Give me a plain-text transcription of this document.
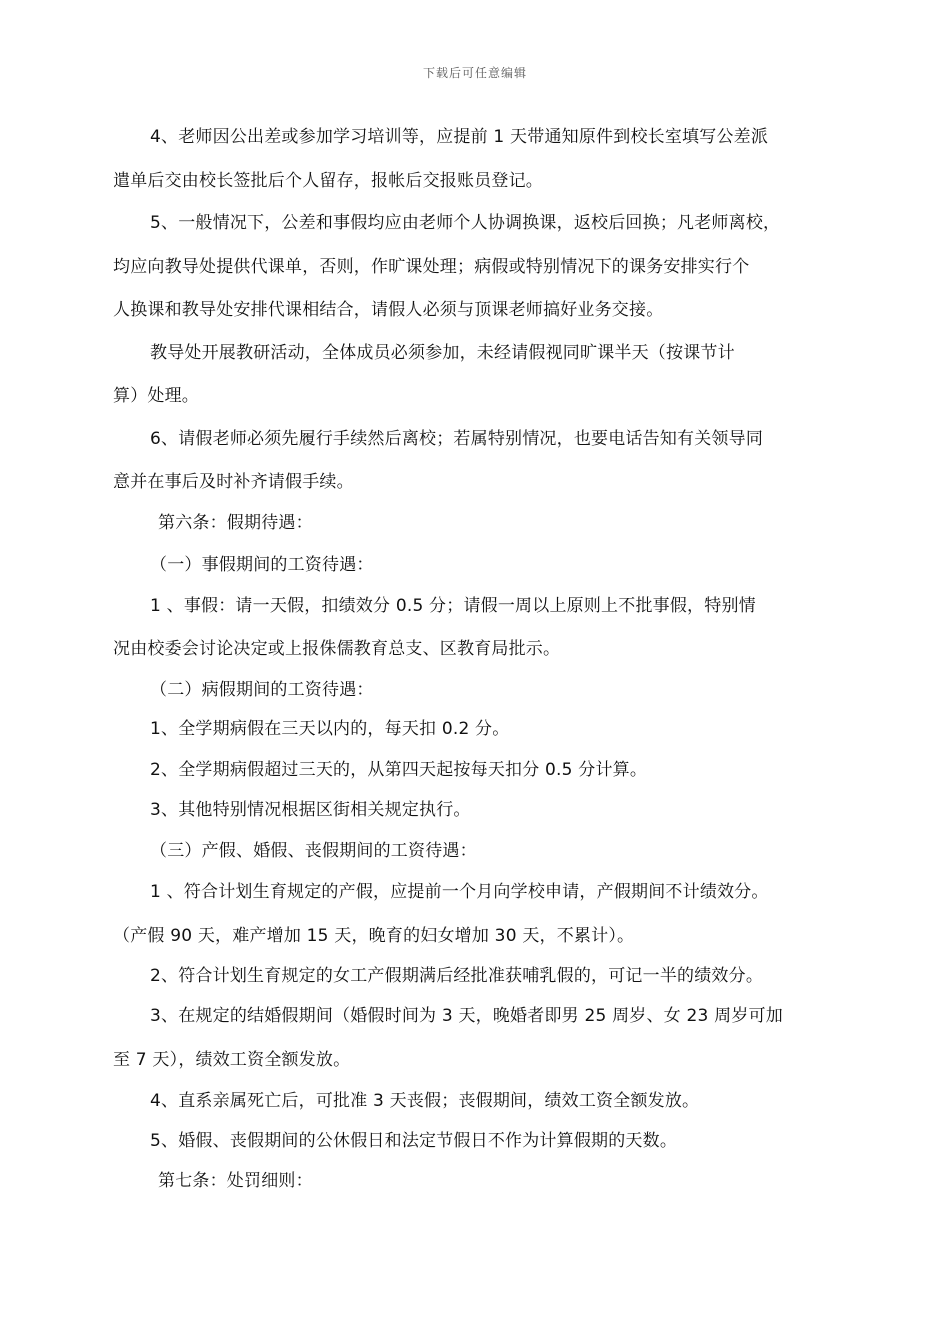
下载后可任意编辑
4、老师因公出差或参加学习培训等，应提前 1 天带通知原件到校长室填写公差派
遣单后交由校长签批后个人留存，报帐后交报账员登记。
5、一般情况下，公差和事假均应由老师个人协调换课，返校后回换；凡老师离校，
均应向教导处提供代课单，否则，作旷课处理；病假或特别情况下的课务安排实行个
人换课和教导处安排代课相结合，请假人必须与顶课老师搞好业务交接。
教导处开展教研活动，全体成员必须参加，未经请假视同旷课半天（按课节计
算）处理。
6、请假老师必须先履行手续然后离校；若属特别情况，也要电话告知有关领导同
意并在事后及时补齐请假手续。
第六条：假期待遇：
（一）事假期间的工资待遇：
1 、事假：请一天假，扣绩效分 0.5 分；请假一周以上原则上不批事假，特别情
况由校委会讨论决定或上报侏儒教育总支、区教育局批示。
（二）病假期间的工资待遇：
1、全学期病假在三天以内的，每天扣 0.2 分。
2、全学期病假超过三天的，从第四天起按每天扣分 0.5 分计算。
3、其他特别情况根据区街相关规定执行。
（三）产假、婚假、丧假期间的工资待遇：
1 、符合计划生育规定的产假，应提前一个月向学校申请，产假期间不计绩效分。
（产假 90 天，难产增加 15 天，晚育的妇女增加 30 天，不累计）。
2、符合计划生育规定的女工产假期满后经批准获哺乳假的，可记一半的绩效分。
3、在规定的结婚假期间（婚假时间为 3 天，晚婚者即男 25 周岁、女 23 周岁可加
至 7 天），绩效工资全额发放。
4、直系亲属死亡后，可批准 3 天丧假；丧假期间，绩效工资全额发放。
5、婚假、丧假期间的公休假日和法定节假日不作为计算假期的天数。
第七条：处罚细则：
